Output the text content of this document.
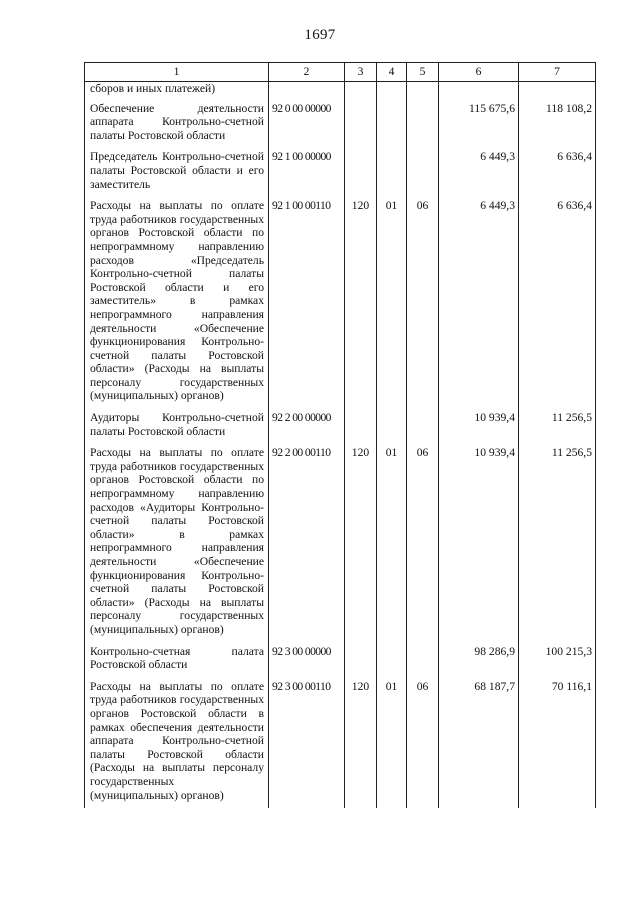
1697
1	2	3	4	5	6	7
сборов и иных платежей)						
Обеспечение деятельности аппарата Контрольно-счетной палаты Ростовской области	92 0 00 00000				115 675,6	118 108,2
Председатель Контрольно-счетной палаты Ростовской области и его заместитель	92 1 00 00000				6 449,3	6 636,4
Расходы на выплаты по оплате труда работников государственных органов Ростовской области по непрограммному направлению расходов «Председатель Контрольно-счетной палаты Ростовской области и его заместитель» в рамках непрограммного направления деятельности «Обеспечение функционирования Контрольно-счетной палаты Ростовской области» (Расходы на выплаты персоналу государственных (муниципальных) органов)	92 1 00 00110	120	01	06	6 449,3	6 636,4
Аудиторы Контрольно-счетной палаты Ростовской области	92 2 00 00000				10 939,4	11 256,5
Расходы на выплаты по оплате труда работников государственных органов Ростовской области по непрограммному направлению расходов «Аудиторы Контрольно-счетной палаты Ростовской области» в рамках непрограммного направления деятельности «Обеспечение функционирования Контрольно-счетной палаты Ростовской области» (Расходы на выплаты персоналу государственных (муниципальных) органов)	92 2 00 00110	120	01	06	10 939,4	11 256,5
Контрольно-счетная палата Ростовской области	92 3 00 00000				98 286,9	100 215,3
Расходы на выплаты по оплате труда работников государственных органов Ростовской области в рамках обеспечения деятельности аппарата Контрольно-счетной палаты Ростовской области (Расходы на выплаты персоналу государственных (муниципальных) органов)	92 3 00 00110	120	01	06	68 187,7	70 116,1
